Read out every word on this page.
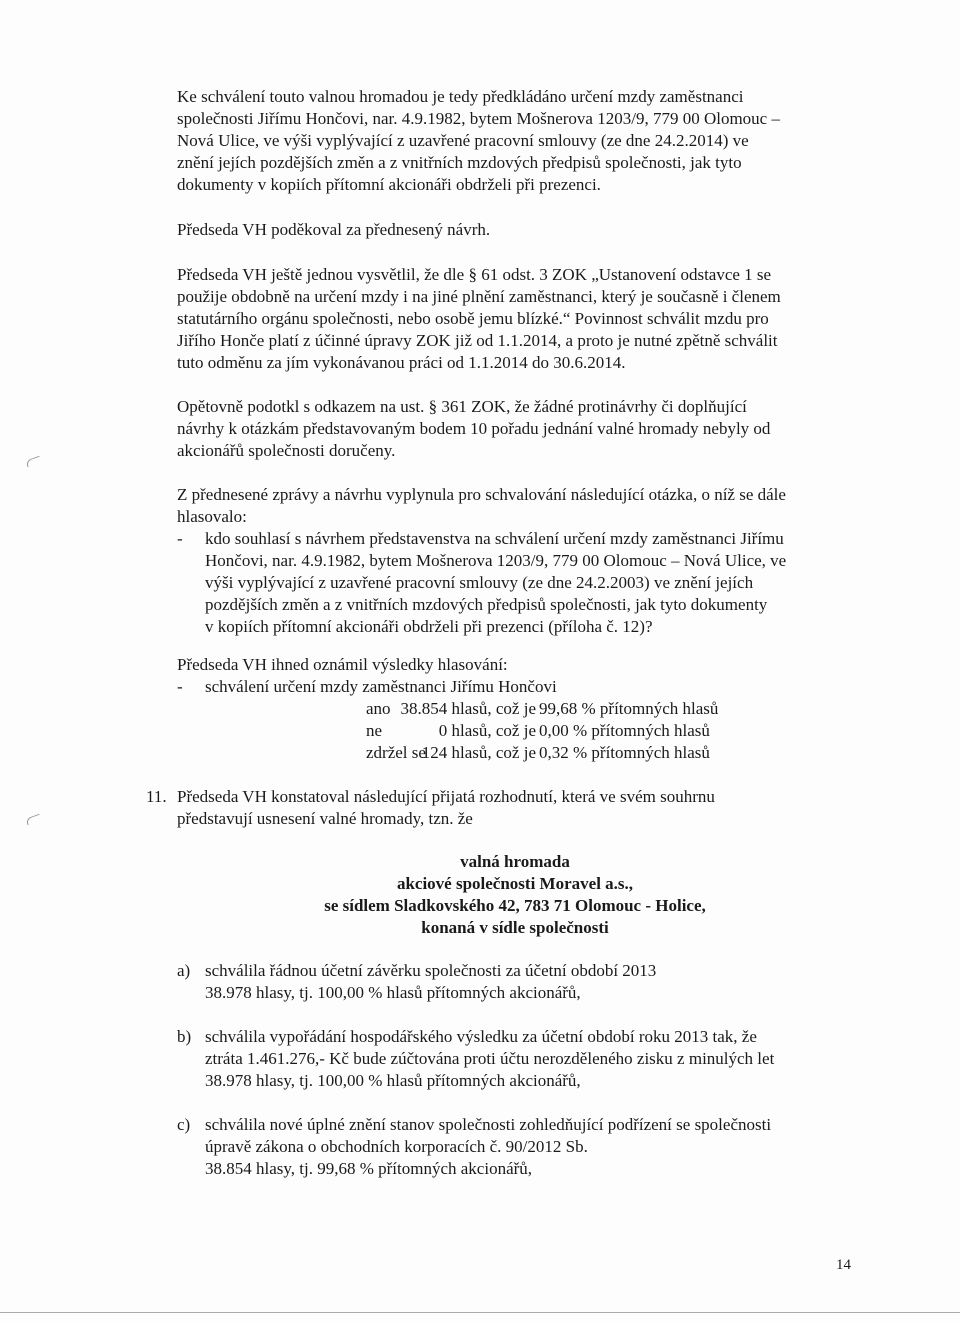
Ke schválení touto valnou hromadou je tedy předkládáno určení mzdy zaměstnanci
společnosti Jiřímu Hončovi, nar. 4.9.1982, bytem Mošnerova 1203/9, 779 00 Olomouc –
Nová Ulice, ve výši vyplývající z uzavřené pracovní smlouvy (ze dne 24.2.2014) ve
znění jejích pozdějších změn a z vnitřních mzdových předpisů společnosti, jak tyto
dokumenty v kopiích přítomní akcionáři obdrželi při prezenci.
Předseda VH poděkoval za přednesený návrh.
Předseda VH ještě jednou vysvětlil, že dle § 61 odst. 3 ZOK „Ustanovení odstavce 1 se
použije obdobně na určení mzdy i na jiné plnění zaměstnanci, který je současně i členem
statutárního orgánu společnosti, nebo osobě jemu blízké.“ Povinnost schválit mzdu pro
Jiřího Honče platí z účinné úpravy ZOK již od 1.1.2014, a proto je nutné zpětně schválit
tuto odměnu za jím vykonávanou práci od 1.1.2014 do 30.6.2014.
Opětovně podotkl s odkazem na ust. § 361 ZOK, že žádné protinávrhy či doplňující
návrhy k otázkám představovaným bodem 10 pořadu jednání valné hromady nebyly od
akcionářů společnosti doručeny.
Z přednesené zprávy a návrhu vyplynula pro schvalování následující otázka, o níž se dále
hlasovalo:
- kdo souhlasí s návrhem představenstva na schválení určení mzdy zaměstnanci Jiřímu
Hončovi, nar. 4.9.1982, bytem Mošnerova 1203/9, 779 00 Olomouc – Nová Ulice, ve
výši vyplývající z uzavřené pracovní smlouvy (ze dne 24.2.2003) ve znění jejích
pozdějších změn a z vnitřních mzdových předpisů společnosti, jak tyto dokumenty
v kopiích přítomní akcionáři obdrželi při prezenci (příloha č. 12)?
Předseda VH ihned oznámil výsledky hlasování:
- schválení určení mzdy zaměstnanci Jiřímu Hončovi
ano 38.854 hlasů, což je 99,68 % přítomných hlasů
ne	0 hlasů, což je 0,00 % přítomných hlasů
zdržel se
124 hlasů, což je 0,32 % přítomných hlasů
11. Předseda VH konstatoval následující přijatá rozhodnutí, která ve svém souhrnu
představují usnesení valné hromady, tzn. že
valná hromada
akciové společnosti Moravel a.s.,
se sídlem Sladkovského 42, 783 71 Olomouc - Holice,
konaná v sídle společnosti
a) schválila řádnou účetní závěrku společnosti za účetní období 2013
38.978 hlasy, tj. 100,00 % hlasů přítomných akcionářů,
b) schválila vypořádání hospodářského výsledku za účetní období roku 2013 tak, že
ztráta 1.461.276,- Kč bude zúčtována proti účtu nerozděleného zisku z minulých let
38.978 hlasy, tj. 100,00 % hlasů přítomných akcionářů,
c) schválila nové úplné znění stanov společnosti zohledňující podřízení se společnosti
úpravě zákona o obchodních korporacích č. 90/2012 Sb.
38.854 hlasy, tj. 99,68 % přítomných akcionářů,
14
